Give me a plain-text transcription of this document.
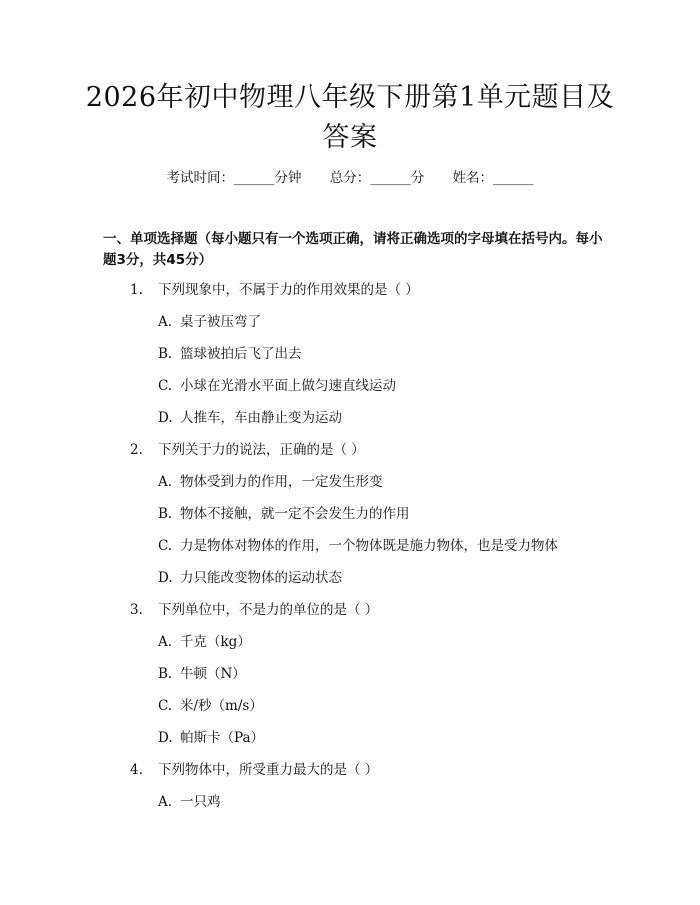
2026年初中物理八年级下册第1单元题目及答案
考试时间：______分钟 总分：______分 姓名：______
一、单项选择题（每小题只有一个选项正确，请将正确选项的字母填在括号内。每小题3分，共45分）
1.	下列现象中，不属于力的作用效果的是（ ）
A. 桌子被压弯了
B. 篮球被拍后飞了出去
C. 小球在光滑水平面上做匀速直线运动
D. 人推车，车由静止变为运动
2.	下列关于力的说法，正确的是（ ）
A. 物体受到力的作用，一定发生形变
B. 物体不接触，就一定不会发生力的作用
C. 力是物体对物体的作用，一个物体既是施力物体，也是受力物体
D. 力只能改变物体的运动状态
3.	下列单位中，不是力的单位的是（ ）
A. 千克（kg）
B. 牛顿（N）
C. 米/秒（m/s）
D. 帕斯卡（Pa）
4.	下列物体中，所受重力最大的是（ ）
A. 一只鸡
